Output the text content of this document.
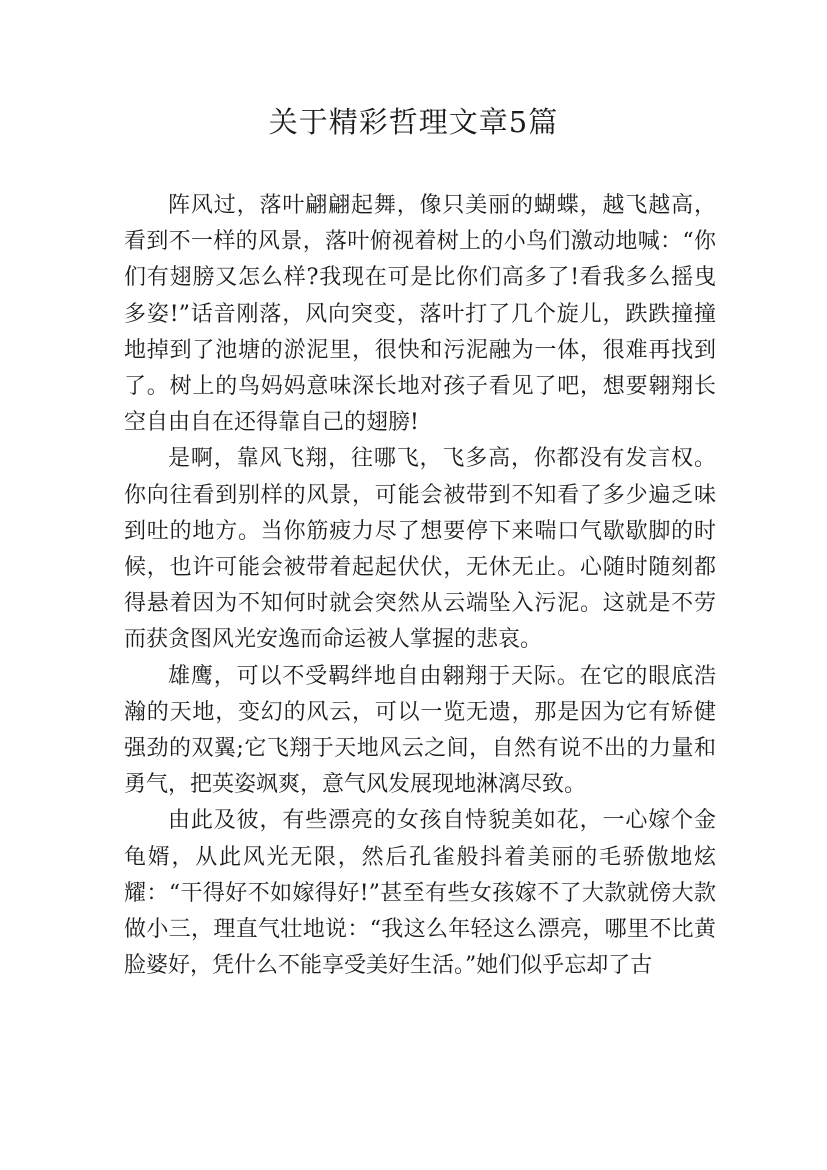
关于精彩哲理文章5篇

阵风过，落叶翩翩起舞，像只美丽的蝴蝶，越飞越高，看到不一样的风景，落叶俯视着树上的小鸟们激动地喊：“你们有翅膀又怎么样?我现在可是比你们高多了!看我多么摇曳多姿!”话音刚落，风向突变，落叶打了几个旋儿，跌跌撞撞地掉到了池塘的淤泥里，很快和污泥融为一体，很难再找到了。树上的鸟妈妈意味深长地对孩子看见了吧，想要翱翔长空自由自在还得靠自己的翅膀!

是啊，靠风飞翔，往哪飞，飞多高，你都没有发言权。你向往看到别样的风景，可能会被带到不知看了多少遍乏味到吐的地方。当你筋疲力尽了想要停下来喘口气歇歇脚的时候，也许可能会被带着起起伏伏，无休无止。心随时随刻都得悬着因为不知何时就会突然从云端坠入污泥。这就是不劳而获贪图风光安逸而命运被人掌握的悲哀。

雄鹰，可以不受羁绊地自由翱翔于天际。在它的眼底浩瀚的天地，变幻的风云，可以一览无遗，那是因为它有矫健强劲的双翼;它飞翔于天地风云之间，自然有说不出的力量和勇气，把英姿飒爽，意气风发展现地淋漓尽致。

由此及彼，有些漂亮的女孩自恃貌美如花，一心嫁个金龟婿，从此风光无限，然后孔雀般抖着美丽的毛骄傲地炫耀：“干得好不如嫁得好!”甚至有些女孩嫁不了大款就傍大款做小三，理直气壮地说：“我这么年轻这么漂亮，哪里不比黄脸婆好，凭什么不能享受美好生活。”她们似乎忘却了古
